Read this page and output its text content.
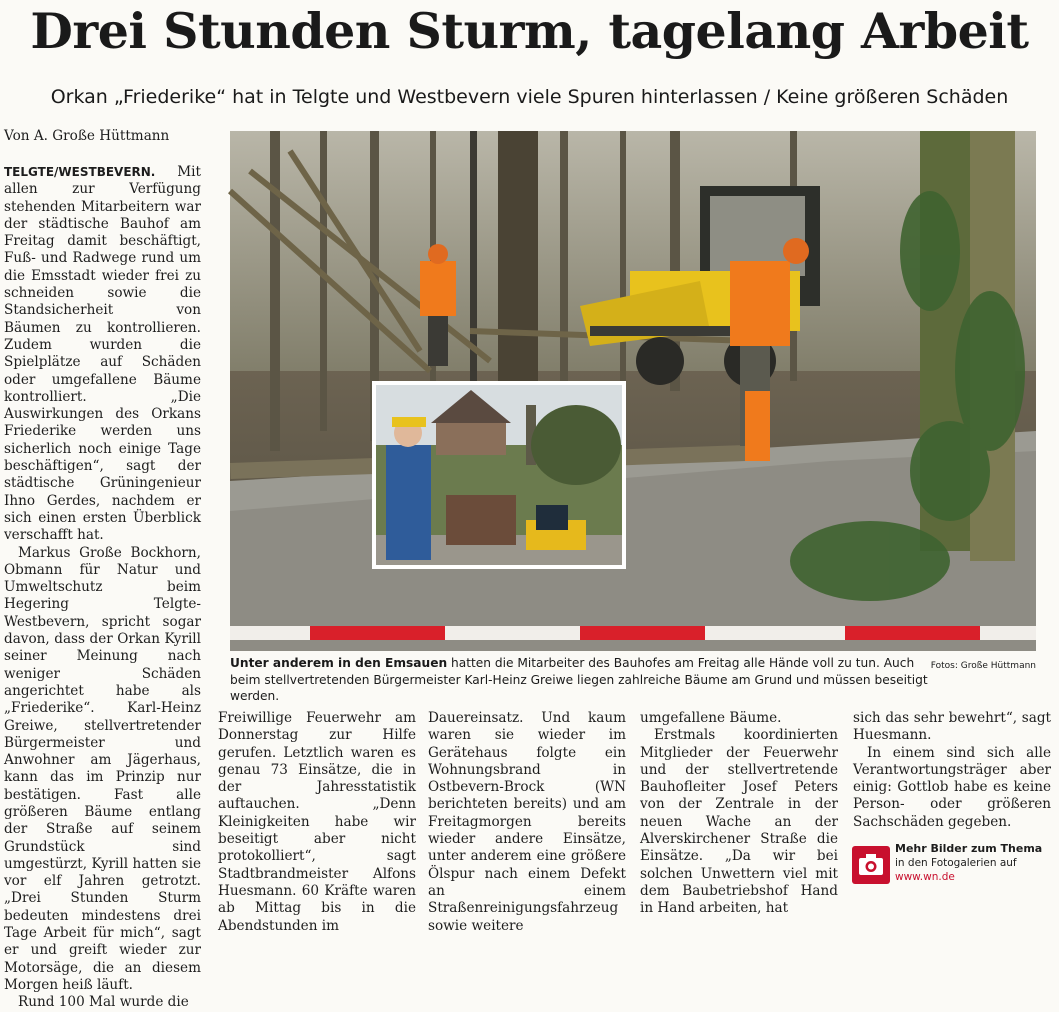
Drei Stunden Sturm, tagelang Arbeit
Orkan „Friederike“ hat in Telgte und Westbevern viele Spuren hinterlassen / Keine größeren Schäden
Von A. Große Hüttmann

TELGTE/WESTBEVERN. Mit allen zur Verfügung stehenden Mitarbeitern war der städtische Bauhof am Freitag damit beschäftigt, Fuß- und Radwege rund um die Emsstadt wieder frei zu schneiden sowie die Standsicherheit von Bäumen zu kontrollieren. Zudem wurden die Spielplätze auf Schäden oder umgefallene Bäume kontrolliert. „Die Auswirkungen des Orkans Friederike werden uns sicherlich noch einige Tage beschäftigen“, sagt der städtische Grüningenieur Ihno Gerdes, nachdem er sich einen ersten Überblick verschafft hat.

Markus Große Bockhorn, Obmann für Natur und Umweltschutz beim Hegering Telgte-Westbevern, spricht sogar davon, dass der Orkan Kyrill seiner Meinung nach weniger Schäden angerichtet habe als „Friederike“. Karl-Heinz Greiwe, stellvertretender Bürgermeister und Anwohner am Jägerhaus, kann das im Prinzip nur bestätigen. Fast alle größeren Bäume entlang der Straße auf seinem Grundstück sind umgestürzt, Kyrill hatten sie vor elf Jahren getrotzt. „Drei Stunden Sturm bedeuten mindestens drei Tage Arbeit für mich“, sagt er und greift wieder zur Motorsäge, die an diesem Morgen heiß läuft.

Rund 100 Mal wurde die

Fotos: Große Hüttmann
Unter anderem in den Emsauen hatten die Mitarbeiter des Bauhofes am Freitag alle Hände voll zu tun. Auch beim stellvertretenden Bürgermeister Karl-Heinz Greiwe liegen zahlreiche Bäume am Grund und müssen beseitigt werden.

Freiwillige Feuerwehr am Donnerstag zur Hilfe gerufen. Letztlich waren es genau 73 Einsätze, die in der Jahresstatistik auftauchen. „Denn Kleinigkeiten habe wir beseitigt aber nicht protokolliert“, sagt Stadtbrandmeister Alfons Huesmann. 60 Kräfte waren ab Mittag bis in die Abendstunden im

Dauereinsatz. Und kaum waren sie wieder im Gerätehaus folgte ein Wohnungsbrand in Ostbevern-Brock (WN berichteten bereits) und am Freitagmorgen bereits wieder andere Einsätze, unter anderem eine größere Ölspur nach einem Defekt an einem Straßenreinigungsfahrzeug sowie weitere

umgefallene Bäume.

Erstmals koordinierten Mitglieder der Feuerwehr und der stellvertretende Bauhofleiter Josef Peters von der Zentrale in der neuen Wache an der Alverskirchener Straße die Einsätze. „Da wir bei solchen Unwettern viel mit dem Baubetriebshof Hand in Hand arbeiten, hat

sich das sehr bewehrt“, sagt Huesmann.

In einem sind sich alle Verantwortungsträger aber einig: Gottlob habe es keine Person- oder größeren Sachschäden gegeben.

Mehr Bilder zum Thema
in den Fotogalerien auf
www.wn.de
